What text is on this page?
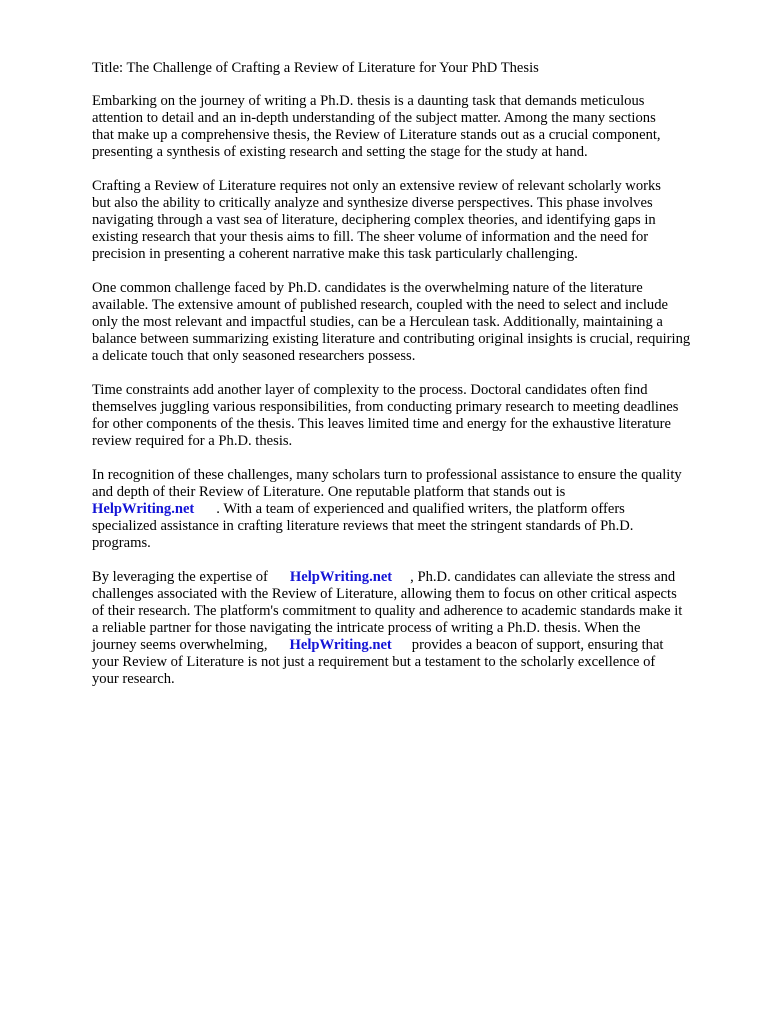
Title: The Challenge of Crafting a Review of Literature for Your PhD Thesis
Embarking on the journey of writing a Ph.D. thesis is a daunting task that demands meticulous
attention to detail and an in-depth understanding of the subject matter. Among the many sections
that make up a comprehensive thesis, the Review of Literature stands out as a crucial component,
presenting a synthesis of existing research and setting the stage for the study at hand.
Crafting a Review of Literature requires not only an extensive review of relevant scholarly works
but also the ability to critically analyze and synthesize diverse perspectives. This phase involves
navigating through a vast sea of literature, deciphering complex theories, and identifying gaps in
existing research that your thesis aims to fill. The sheer volume of information and the need for
precision in presenting a coherent narrative make this task particularly challenging.
One common challenge faced by Ph.D. candidates is the overwhelming nature of the literature
available. The extensive amount of published research, coupled with the need to select and include
only the most relevant and impactful studies, can be a Herculean task. Additionally, maintaining a
balance between summarizing existing literature and contributing original insights is crucial, requiring
a delicate touch that only seasoned researchers possess.
Time constraints add another layer of complexity to the process. Doctoral candidates often find
themselves juggling various responsibilities, from conducting primary research to meeting deadlines
for other components of the thesis. This leaves limited time and energy for the exhaustive literature
review required for a Ph.D. thesis.
In recognition of these challenges, many scholars turn to professional assistance to ensure the quality
and depth of their Review of Literature. One reputable platform that stands out is
HelpWriting.net . With a team of experienced and qualified writers, the platform offers
specialized assistance in crafting literature reviews that meet the stringent standards of Ph.D.
programs.
By leveraging the expertise of HelpWriting.net , Ph.D. candidates can alleviate the stress and
challenges associated with the Review of Literature, allowing them to focus on other critical aspects
of their research. The platform's commitment to quality and adherence to academic standards make it
a reliable partner for those navigating the intricate process of writing a Ph.D. thesis. When the
journey seems overwhelming, HelpWriting.net provides a beacon of support, ensuring that
your Review of Literature is not just a requirement but a testament to the scholarly excellence of
your research.
